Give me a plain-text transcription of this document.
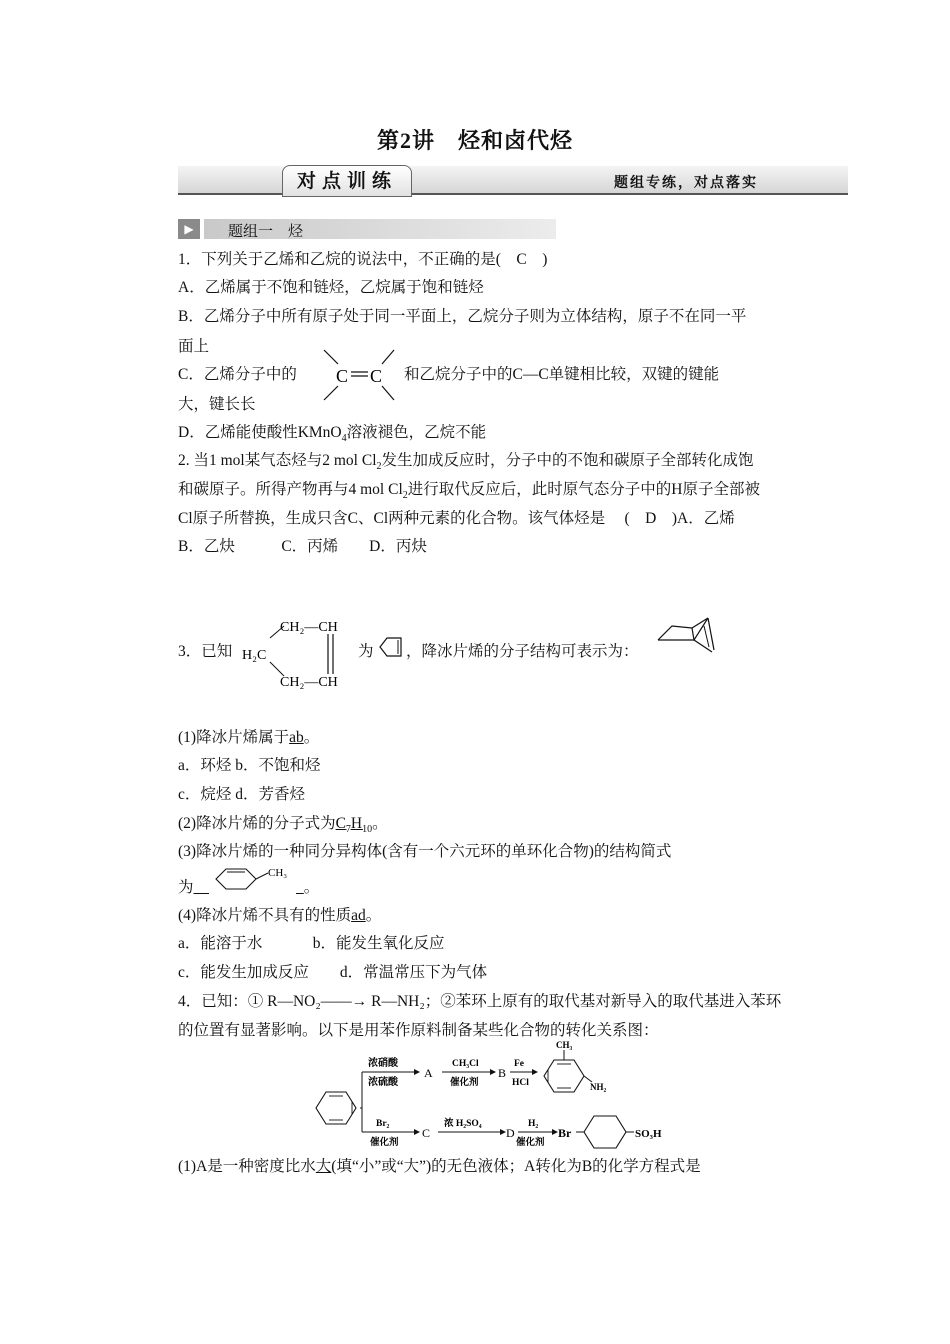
第2讲　烃和卤代烃
对点训练	题组专练，对点落实
▶	题组一　烃
1．下列关于乙烯和乙烷的说法中，不正确的是(　C　)
A．乙烯属于不饱和链烃，乙烷属于饱和链烃
B．乙烯分子中所有原子处于同一平面上，乙烷分子则为立体结构，原子不在同一平
面上
C．乙烯分子中的 C C 和乙烷分子中的C—C单键相比较，双键的键能
大，键长长
D．乙烯能使酸性KMnO$_4$溶液褪色，乙烷不能
2. 当1 mol某气态烃与2 mol $Cl_2$发生加成反应时，分子中的不饱和碳原子全部转化成饱
和碳原子。所得产物再与4 mol $Cl_2$进行取代反应后，此时原气态分子中的H原子全部被
Cl原子所替换，生成只含C、Cl两种元素的化合物。该气体烃是　 (　D　)A．乙烯
B．乙炔　　　C．丙烯　　D．丙炔
3．已知
CH₂—CH
H₂C
CH₂—CH
为 ，降冰片烯的分子结构可表示为：
(1)降冰片烯属于ab。
a．环烃 b．不饱和烃
c．烷烃 d．芳香烃
(2)降冰片烯的分子式为$C_7H_{10}$。
(3)降冰片烯的一种同分异构体(含有一个六元环的单环化合物)的结构简式
为　
CH₃
 。
(4)降冰片烯不具有的性质ad。
a．能溶于水　　　 b．能发生氧化反应
c．能发生加成反应　　d．常温常压下为气体
4．已知：① R—NO₂——→ R—NH₂；②苯环上原有的取代基对新导入的取代基进入苯环
的位置有显著影响。以下是用苯作原料制备某些化合物的转化关系图：
浓硝酸
浓硫酸
A
CH₃Cl
催化剂
B
Fe
HCl
CH₃
NH₂
Br₂
催化剂
C
浓 H₂SO₄
D
H₂
催化剂
Br	SO₃H
(1)A是一种密度比水大(填“小”或“大”)的无色液体；A转化为B的化学方程式是
